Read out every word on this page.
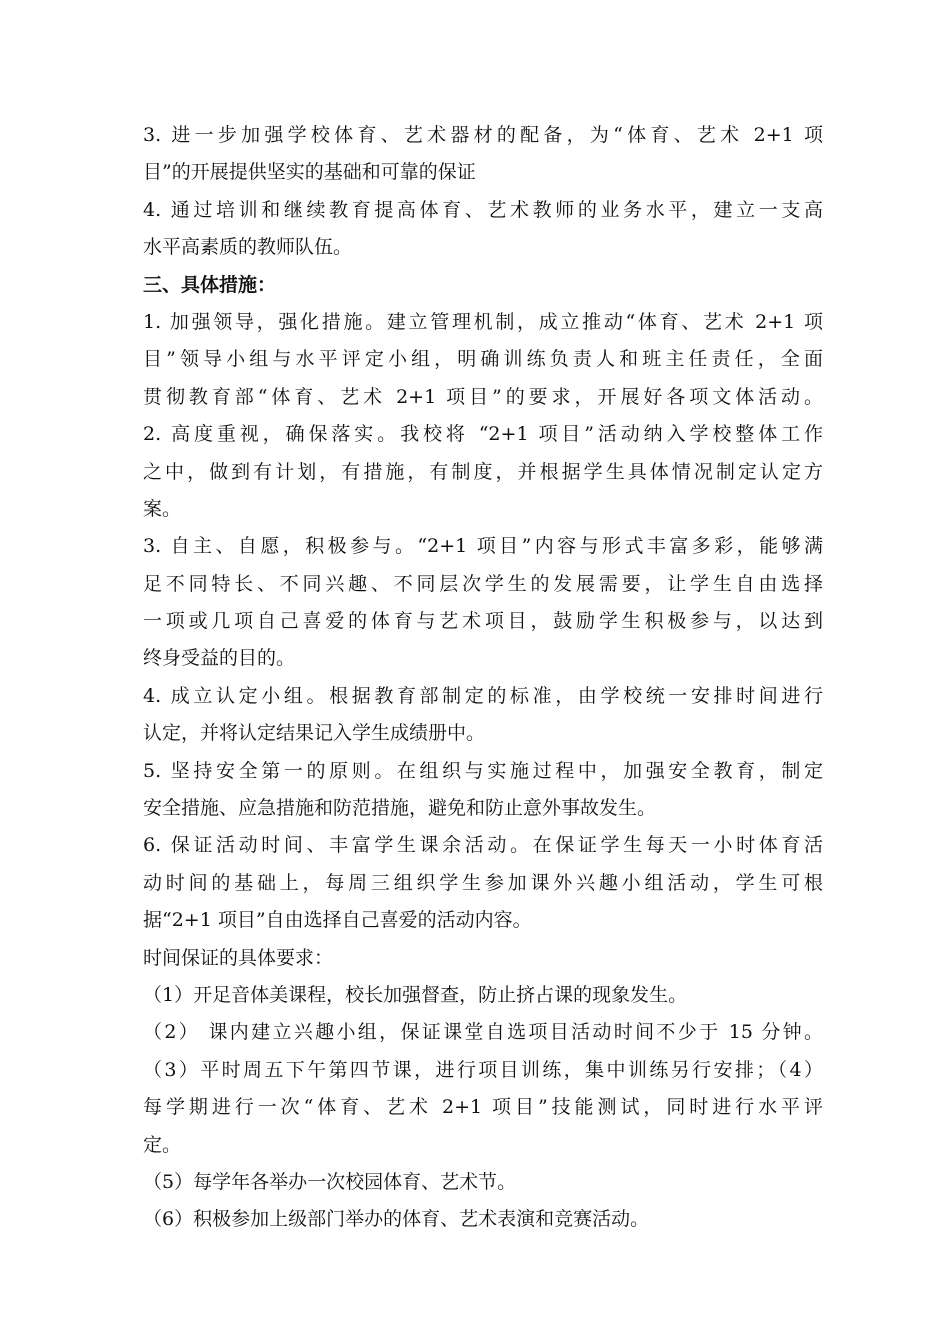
3. 进一步加强学校体育、艺术器材的配备，为“体育、艺术 2+1 项
目”的开展提供坚实的基础和可靠的保证
4. 通过培训和继续教育提高体育、艺术教师的业务水平，建立一支高
水平高素质的教师队伍。
三、具体措施：
1. 加强领导，强化措施。建立管理机制，成立推动“体育、艺术 2+1 项
目”领导小组与水平评定小组，明确训练负责人和班主任责任，全面
贯彻教育部“体育、艺术 2+1 项目”的要求，开展好各项文体活动。
2. 高度重视，确保落实。我校将 “2+1 项目”活动纳入学校整体工作
之中，做到有计划，有措施，有制度，并根据学生具体情况制定认定方
案。
3. 自主、自愿，积极参与。“2+1 项目”内容与形式丰富多彩，能够满
足不同特长、不同兴趣、不同层次学生的发展需要，让学生自由选择
一项或几项自己喜爱的体育与艺术项目，鼓励学生积极参与，以达到
终身受益的目的。
4. 成立认定小组。根据教育部制定的标准，由学校统一安排时间进行
认定，并将认定结果记入学生成绩册中。
5. 坚持安全第一的原则。在组织与实施过程中，加强安全教育，制定
安全措施、应急措施和防范措施，避免和防止意外事故发生。
6. 保证活动时间、丰富学生课余活动。在保证学生每天一小时体育活
动时间的基础上，每周三组织学生参加课外兴趣小组活动，学生可根
据“2+1 项目”自由选择自己喜爱的活动内容。
时间保证的具体要求：
（1）开足音体美课程，校长加强督查，防止挤占课的现象发生。
（2） 课内建立兴趣小组，保证课堂自选项目活动时间不少于 15 分钟。
（3）平时周五下午第四节课，进行项目训练，集中训练另行安排；（4）
每学期进行一次“体育、艺术 2+1 项目”技能测试，同时进行水平评
定。
（5）每学年各举办一次校园体育、艺术节。
（6）积极参加上级部门举办的体育、艺术表演和竞赛活动。
